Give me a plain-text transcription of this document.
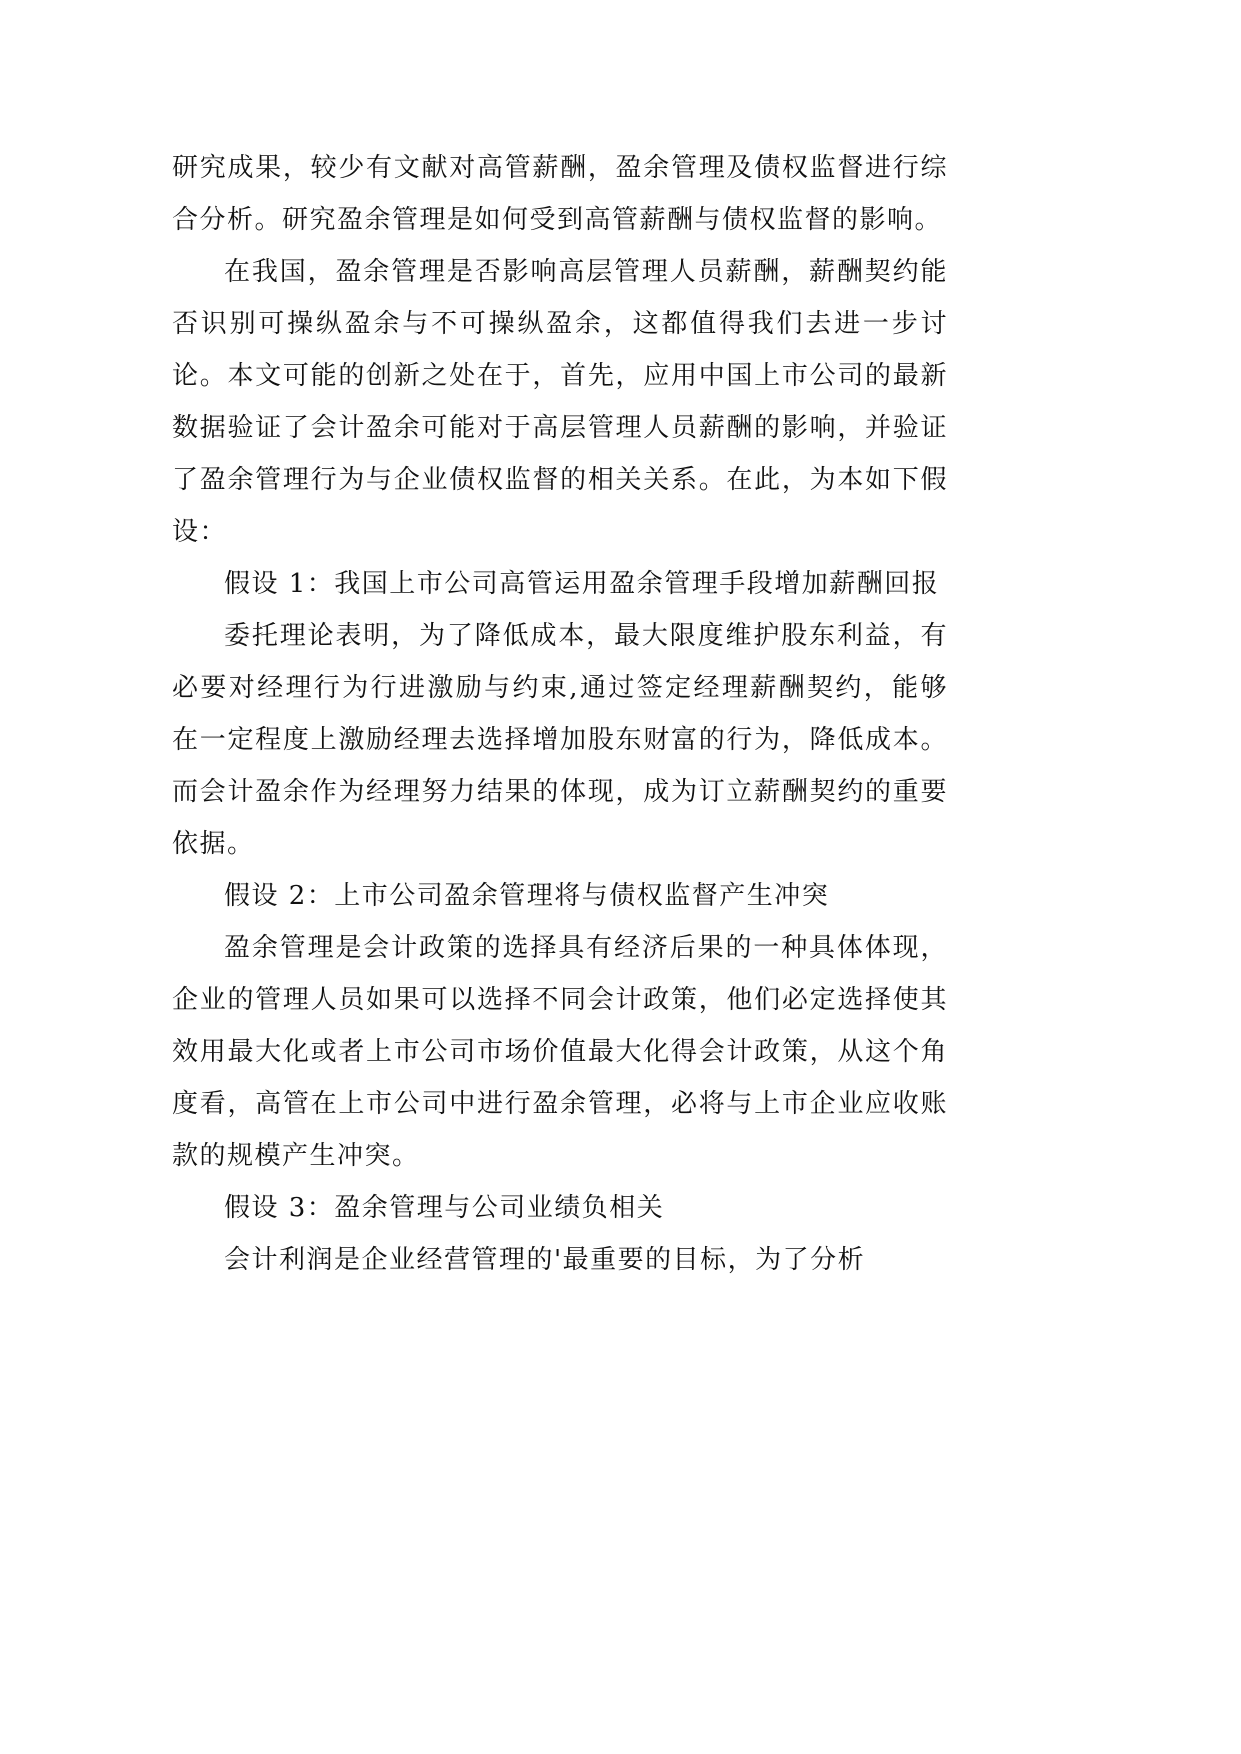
研究成果，较少有文献对高管薪酬，盈余管理及债权监督进行综合分析。研究盈余管理是如何受到高管薪酬与债权监督的影响。

在我国，盈余管理是否影响高层管理人员薪酬，薪酬契约能否识别可操纵盈余与不可操纵盈余，这都值得我们去进一步讨论。本文可能的创新之处在于，首先，应用中国上市公司的最新数据验证了会计盈余可能对于高层管理人员薪酬的影响，并验证了盈余管理行为与企业债权监督的相关关系。在此，为本如下假设：

假设 1：我国上市公司高管运用盈余管理手段增加薪酬回报

委托理论表明，为了降低成本，最大限度维护股东利益，有必要对经理行为行进激励与约束,通过签定经理薪酬契约，能够在一定程度上激励经理去选择增加股东财富的行为，降低成本。而会计盈余作为经理努力结果的体现，成为订立薪酬契约的重要依据。

假设 2：上市公司盈余管理将与债权监督产生冲突

盈余管理是会计政策的选择具有经济后果的一种具体体现，企业的管理人员如果可以选择不同会计政策，他们必定选择使其效用最大化或者上市公司市场价值最大化得会计政策，从这个角度看，高管在上市公司中进行盈余管理，必将与上市企业应收账款的规模产生冲突。

假设 3：盈余管理与公司业绩负相关

会计利润是企业经营管理的'最重要的目标，为了分析
